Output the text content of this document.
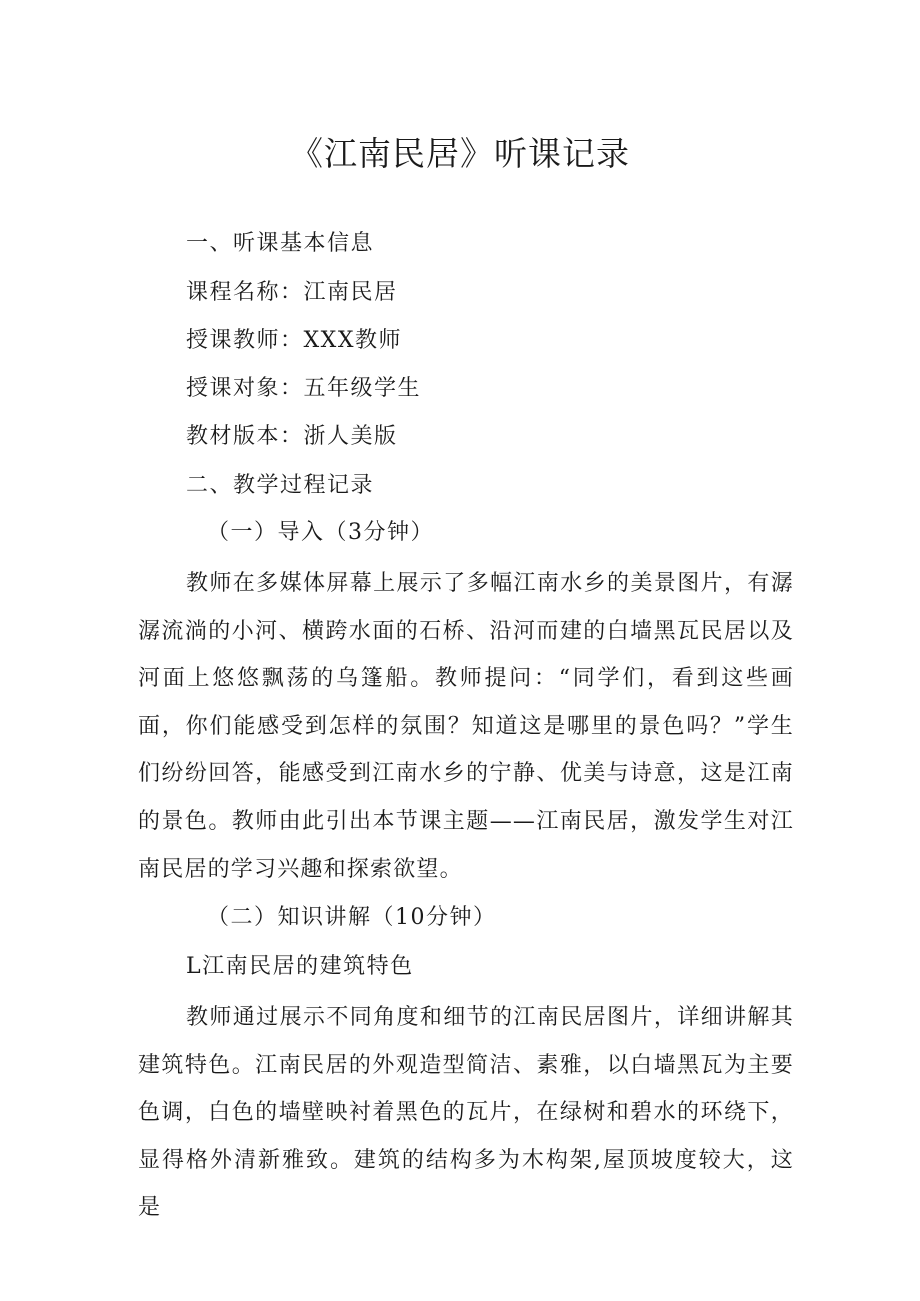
《江南民居》听课记录
一、听课基本信息
课程名称：江南民居
授课教师：XXX教师
授课对象：五年级学生
教材版本：浙人美版
二、教学过程记录
（一）导入（3分钟）

教师在多媒体屏幕上展示了多幅江南水乡的美景图片，有潺潺流淌的小河、横跨水面的石桥、沿河而建的白墙黑瓦民居以及河面上悠悠飘荡的乌篷船。教师提问：“同学们，看到这些画面，你们能感受到怎样的氛围？知道这是哪里的景色吗？”学生们纷纷回答，能感受到江南水乡的宁静、优美与诗意，这是江南的景色。教师由此引出本节课主题——江南民居，激发学生对江南民居的学习兴趣和探索欲望。

（二）知识讲解（10分钟）
L江南民居的建筑特色

教师通过展示不同角度和细节的江南民居图片，详细讲解其建筑特色。江南民居的外观造型简洁、素雅，以白墙黑瓦为主要色调，白色的墙壁映衬着黑色的瓦片，在绿树和碧水的环绕下，显得格外清新雅致。建筑的结构多为木构架,屋顶坡度较大，这是
